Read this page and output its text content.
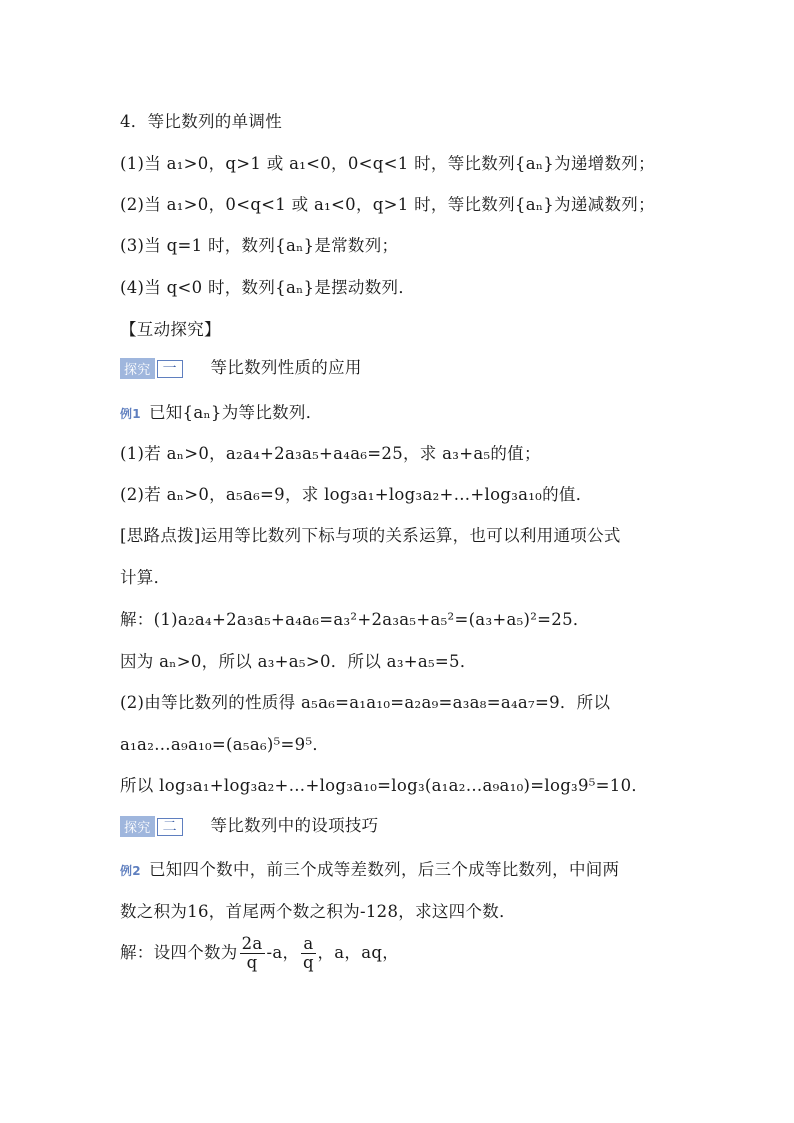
4．等比数列的单调性
(1)当 a₁>0，q>1 或 a₁<0，0<q<1 时，等比数列{aₙ}为递增数列；
(2)当 a₁>0，0<q<1 或 a₁<0，q>1 时，等比数列{aₙ}为递减数列；
(3)当 q=1 时，数列{aₙ}是常数列；
(4)当 q<0 时，数列{aₙ}是摆动数列．
【互动探究】
探究 一	等比数列性质的应用
例1 已知{aₙ}为等比数列．
(1)若 aₙ>0，a₂a₄+2a₃a₅+a₄a₆=25，求 a₃+a₅的值；
(2)若 aₙ>0，a₅a₆=9，求 log₃a₁+log₃a₂+…+log₃a₁₀的值．
[思路点拨]运用等比数列下标与项的关系运算，也可以利用通项公式
计算．
解：(1)a₂a₄+2a₃a₅+a₄a₆=a₃²+2a₃a₅+a₅²=(a₃+a₅)²=25．
因为 aₙ>0，所以 a₃+a₅>0．所以 a₃+a₅=5．
(2)由等比数列的性质得 a₅a₆=a₁a₁₀=a₂a₉=a₃a₈=a₄a₇=9．所以
a₁a₂…a₉a₁₀=(a₅a₆)⁵=9⁵．
所以 log₃a₁+log₃a₂+…+log₃a₁₀=log₃(a₁a₂…a₉a₁₀)=log₃9⁵=10．
探究 二	等比数列中的设项技巧
例2 已知四个数中，前三个成等差数列，后三个成等比数列，中间两
数之积为16，首尾两个数之积为-128，求这四个数．
解：设四个数为 $\frac{2a}{q} -a$， $\frac{a}{q}$ ，a，aq，
